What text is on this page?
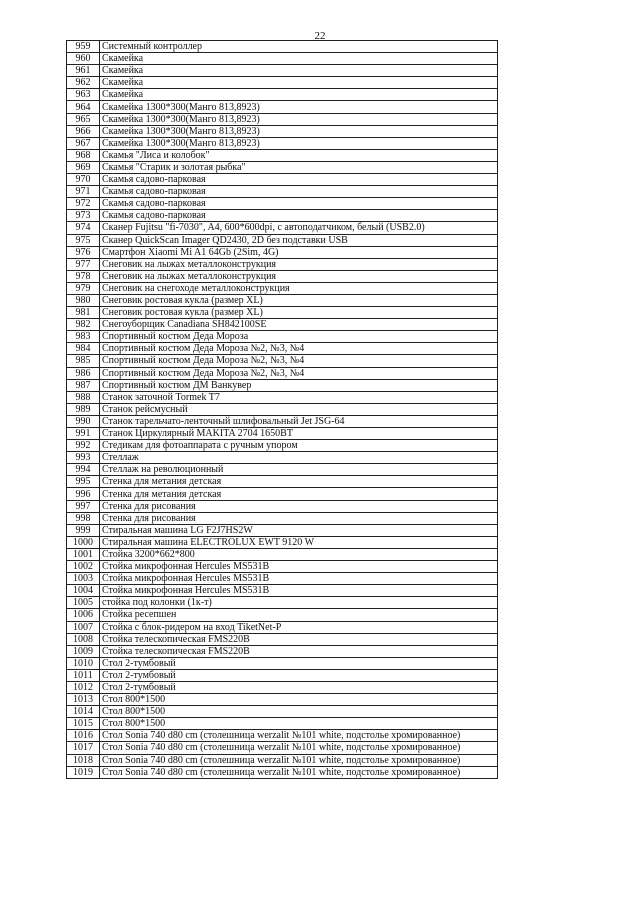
22
959	Системный контроллер
960	Скамейка
961	Скамейка
962	Скамейка
963	Скамейка
964	Скамейка 1300*300(Манго 813,8923)
965	Скамейка 1300*300(Манго 813,8923)
966	Скамейка 1300*300(Манго 813,8923)
967	Скамейка 1300*300(Манго 813,8923)
968	Скамья "Лиса и колобок"
969	Скамья "Старик и золотая рыбка"
970	Скамья садово-парковая
971	Скамья садово-парковая
972	Скамья садово-парковая
973	Скамья садово-парковая
974	Сканер Fujitsu "fi-7030", A4, 600*600dpi, с автоподатчиком, белый (USB2.0)
975	Сканер QuickScan Imager QD2430, 2D без подставки USB
976	Смартфон Xiaomi Mi A1 64Gb (2Sim, 4G)
977	Снеговик на лыжах металлоконструкция
978	Снеговик на лыжах металлоконструкция
979	Снеговик на снегоходе металлоконструкция
980	Снеговик ростовая кукла (размер XL)
981	Снеговик ростовая кукла (размер XL)
982	Снегоуборщик Canadiana SH842100SE
983	Спортивный костюм Деда Мороза
984	Спортивный костюм Деда Мороза №2, №3, №4
985	Спортивный костюм Деда Мороза №2, №3, №4
986	Спортивный костюм Деда Мороза №2, №3, №4
987	Спортивный костюм ДМ Ванкувер
988	Станок заточной Tormek T7
989	Станок рейсмусный
990	Станок тарельчато-ленточный шлифовальный Jet JSG-64
991	Станок Циркулярный MAKITA 2704 1650BT
992	Стедикам для фотоаппарата с ручным упором
993	Стеллаж
994	Стеллаж на революционный
995	Стенка для метания детская
996	Стенка для метания детская
997	Стенка для рисования
998	Стенка для рисования
999	Стиральная машина LG F2J7HS2W
1000	Стиральная машина ELECTROLUX EWT 9120 W
1001	Стойка 3200*662*800
1002	Стойка микрофонная Hercules MS531B
1003	Стойка микрофонная Hercules MS531B
1004	Стойка микрофонная Hercules MS531B
1005	стойка под колонки (1к-т)
1006	Стойка ресепшен
1007	Стойка с блок-ридером на вход TiketNet-P
1008	Стойка телескопическая FMS220B
1009	Стойка телескопическая FMS220B
1010	Стол 2-тумбовый
1011	Стол 2-тумбовый
1012	Стол 2-тумбовый
1013	Стол 800*1500
1014	Стол 800*1500
1015	Стол 800*1500
1016	Стол Sonia 740 d80 cm (столешница werzalit №101 white, подстолье хромированное)
1017	Стол Sonia 740 d80 cm (столешница werzalit №101 white, подстолье хромированное)
1018	Стол Sonia 740 d80 cm (столешница werzalit №101 white, подстолье хромированное)
1019	Стол Sonia 740 d80 cm (столешница werzalit №101 white, подстолье хромированное)
